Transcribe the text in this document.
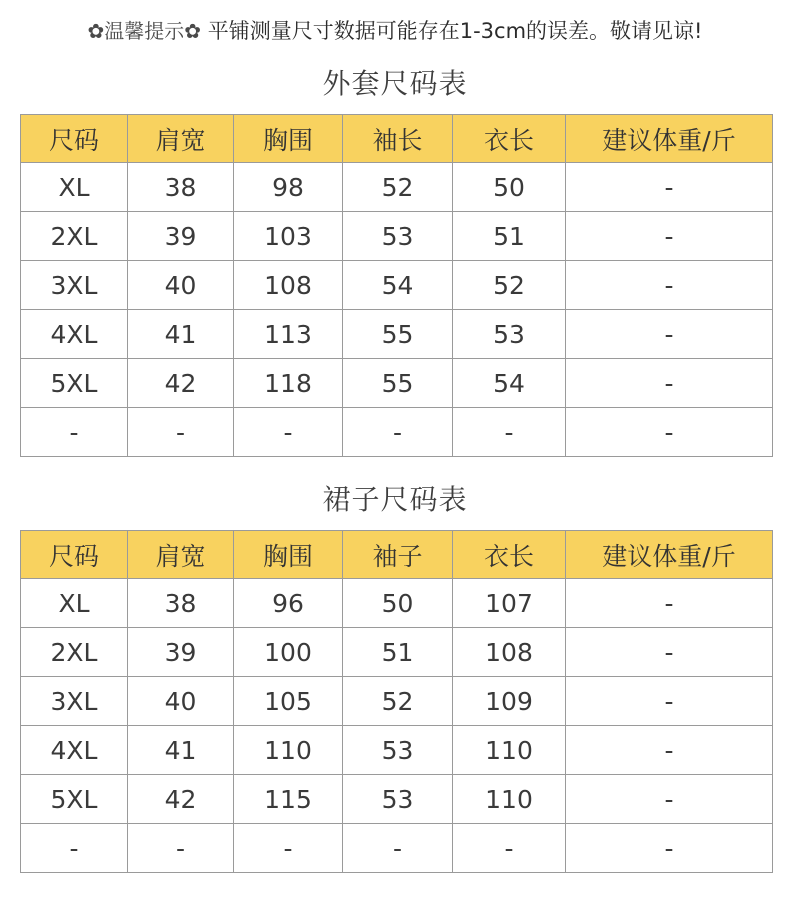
✿温馨提示✿ 平铺测量尺寸数据可能存在1-3cm的误差。敬请见谅!
外套尺码表
尺码	肩宽	胸围	袖长	衣长	建议体重/斤
XL	38	98	52	50	-
2XL	39	103	53	51	-
3XL	40	108	54	52	-
4XL	41	113	55	53	-
5XL	42	118	55	54	-
-	-	-	-	-	-
裙子尺码表
尺码	肩宽	胸围	袖子	衣长	建议体重/斤
XL	38	96	50	107	-
2XL	39	100	51	108	-
3XL	40	105	52	109	-
4XL	41	110	53	110	-
5XL	42	115	53	110	-
-	-	-	-	-	-
